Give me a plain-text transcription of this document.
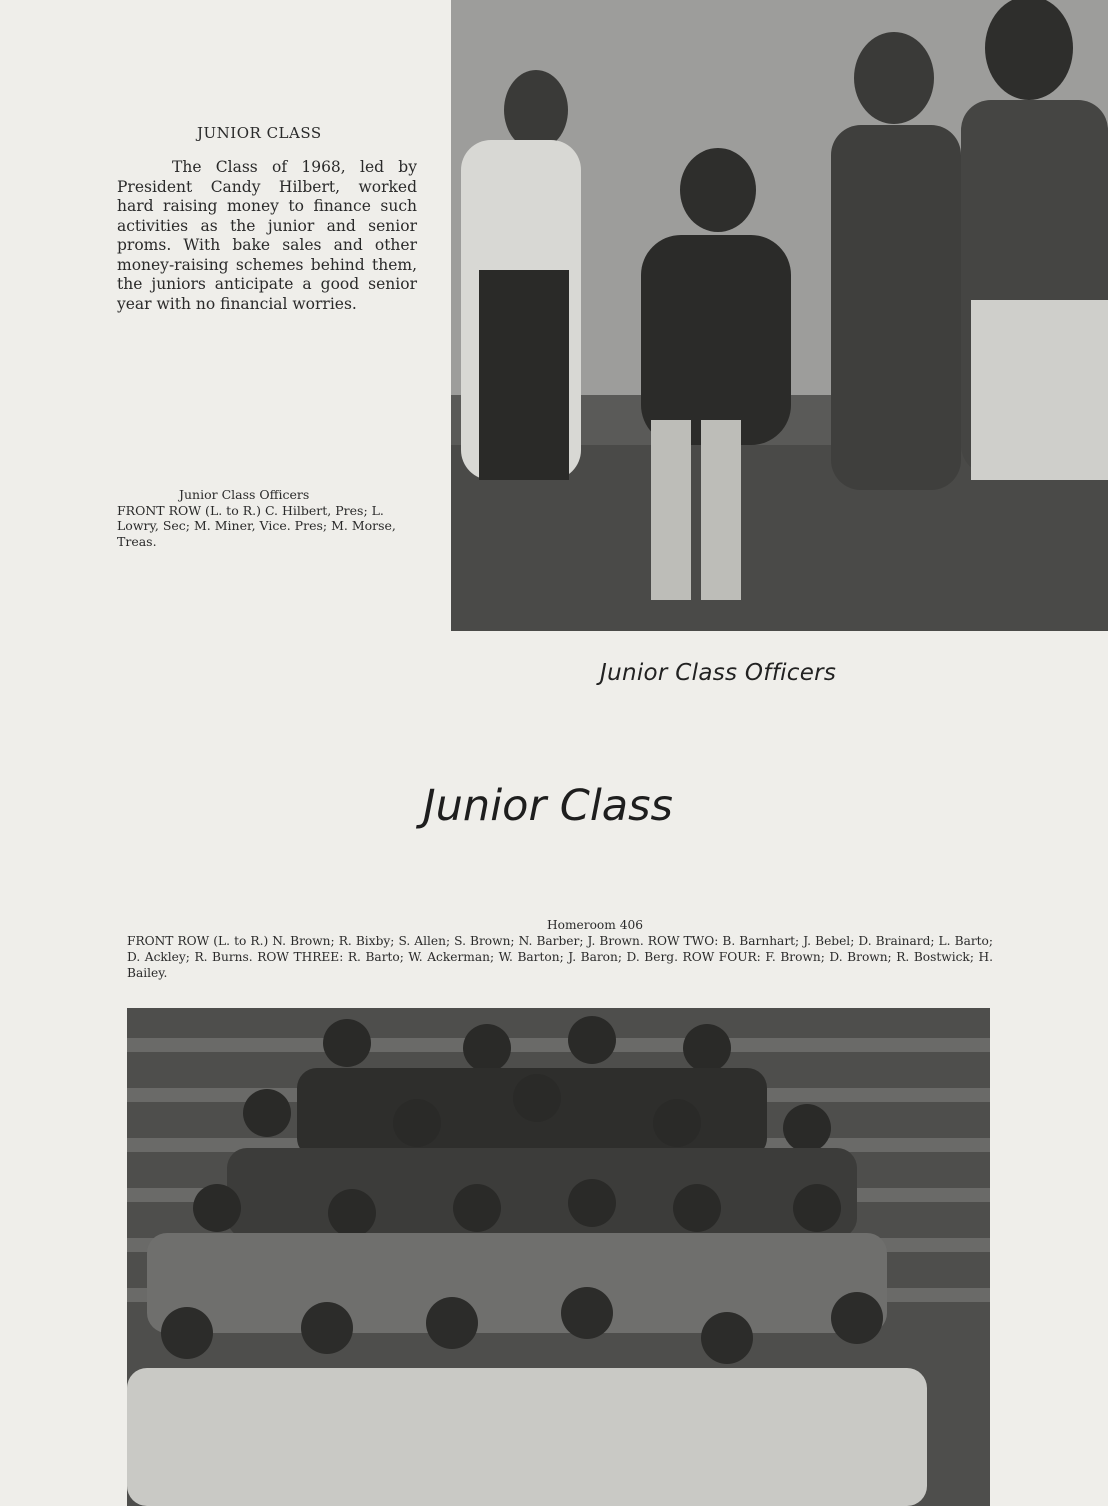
JUNIOR CLASS

The Class of 1968, led by President Candy Hilbert, worked hard raising money to finance such activities as the junior and senior proms. With bake sales and other money-raising schemes behind them, the juniors anticipate a good senior year with no financial worries.

Junior Class Officers
FRONT ROW (L. to R.) C. Hilbert, Pres; L. Lowry, Sec; M. Miner, Vice. Pres; M. Morse, Treas.

Junior Class Officers
Junior Class

Homeroom 406
FRONT ROW (L. to R.) N. Brown; R. Bixby; S. Allen; S. Brown; N. Barber; J. Brown. ROW TWO: B. Barnhart; J. Bebel; D. Brainard; L. Barto; D. Ackley; R. Burns. ROW THREE: R. Barto; W. Ackerman; W. Barton; J. Baron; D. Berg. ROW FOUR: F. Brown; D. Brown; R. Bostwick; H. Bailey.
